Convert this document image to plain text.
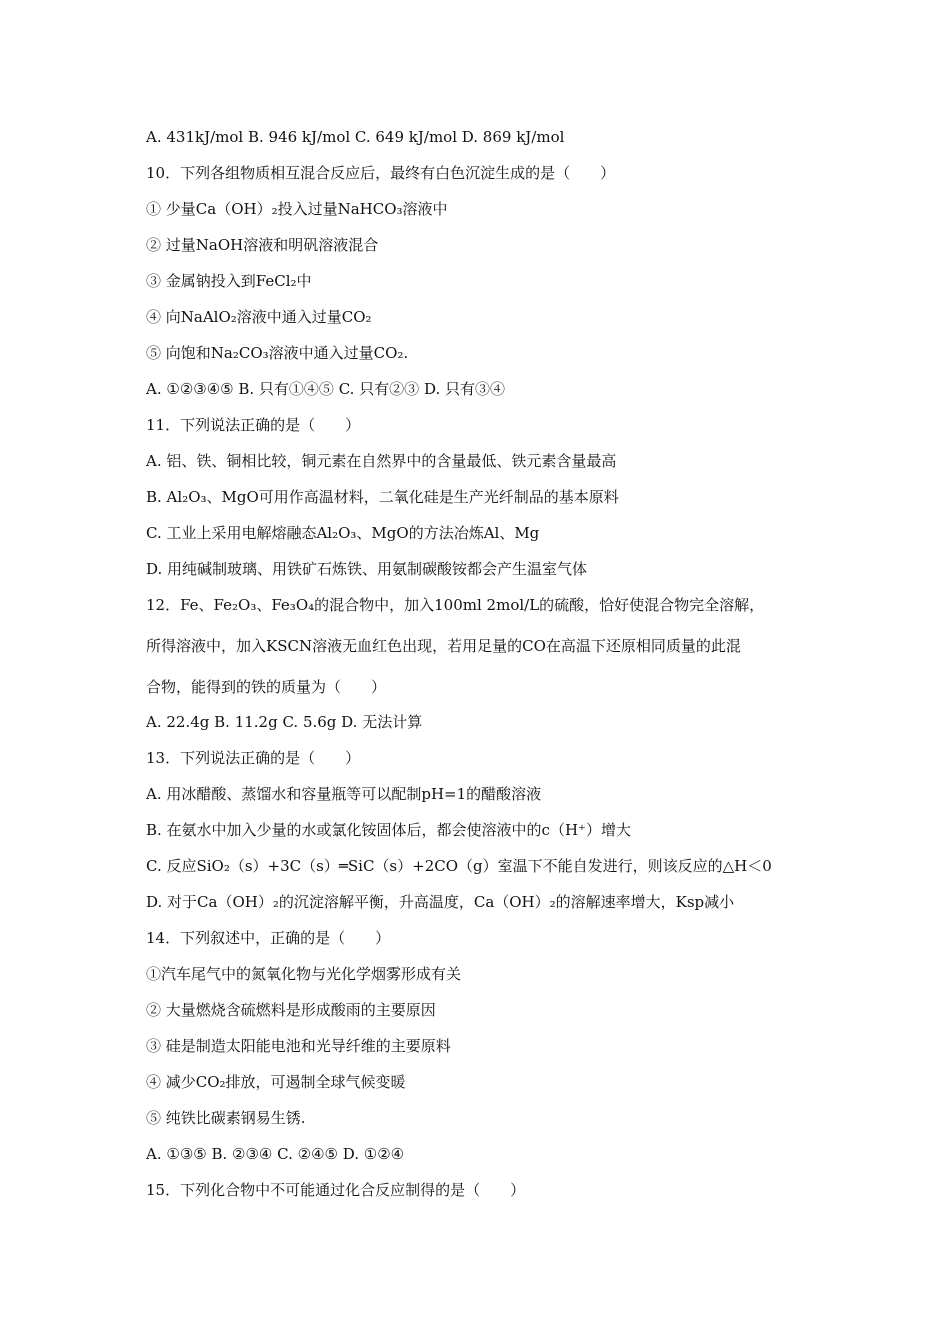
A. 431kJ/mol B. 946 kJ/mol C. 649 kJ/mol D. 869 kJ/mol
10．下列各组物质相互混合反应后，最终有白色沉淀生成的是（　　）
① 少量Ca（OH）₂投入过量NaHCO₃溶液中
② 过量NaOH溶液和明矾溶液混合
③ 金属钠投入到FeCl₂中
④ 向NaAlO₂溶液中通入过量CO₂
⑤ 向饱和Na₂CO₃溶液中通入过量CO₂.
A. ①②③④⑤ B. 只有①④⑤ C. 只有②③ D. 只有③④
11．下列说法正确的是（　　）
A. 铝、铁、铜相比较，铜元素在自然界中的含量最低、铁元素含量最高
B. Al₂O₃、MgO可用作高温材料，二氧化硅是生产光纤制品的基本原料
C. 工业上采用电解熔融态Al₂O₃、MgO的方法冶炼Al、Mg
D. 用纯碱制玻璃、用铁矿石炼铁、用氨制碳酸铵都会产生温室气体
12．Fe、Fe₂O₃、Fe₃O₄的混合物中，加入100ml 2mol/L的硫酸，恰好使混合物完全溶解，
所得溶液中，加入KSCN溶液无血红色出现，若用足量的CO在高温下还原相同质量的此混
合物，能得到的铁的质量为（　　）
A. 22.4g B. 11.2g C. 5.6g D. 无法计算
13．下列说法正确的是（　　）
A. 用冰醋酸、蒸馏水和容量瓶等可以配制pH=1的醋酸溶液
B. 在氨水中加入少量的水或氯化铵固体后，都会使溶液中的c（H⁺）增大
C. 反应SiO₂（s）+3C（s）═SiC（s）+2CO（g）室温下不能自发进行，则该反应的△H＜0
D. 对于Ca（OH）₂的沉淀溶解平衡，升高温度，Ca（OH）₂的溶解速率增大，Ksp减小
14．下列叙述中，正确的是（　　）
①汽车尾气中的氮氧化物与光化学烟雾形成有关
② 大量燃烧含硫燃料是形成酸雨的主要原因
③ 硅是制造太阳能电池和光导纤维的主要原料
④ 减少CO₂排放，可遏制全球气候变暖
⑤ 纯铁比碳素钢易生锈.
A. ①③⑤ B. ②③④ C. ②④⑤ D. ①②④
15．下列化合物中不可能通过化合反应制得的是（　　）
